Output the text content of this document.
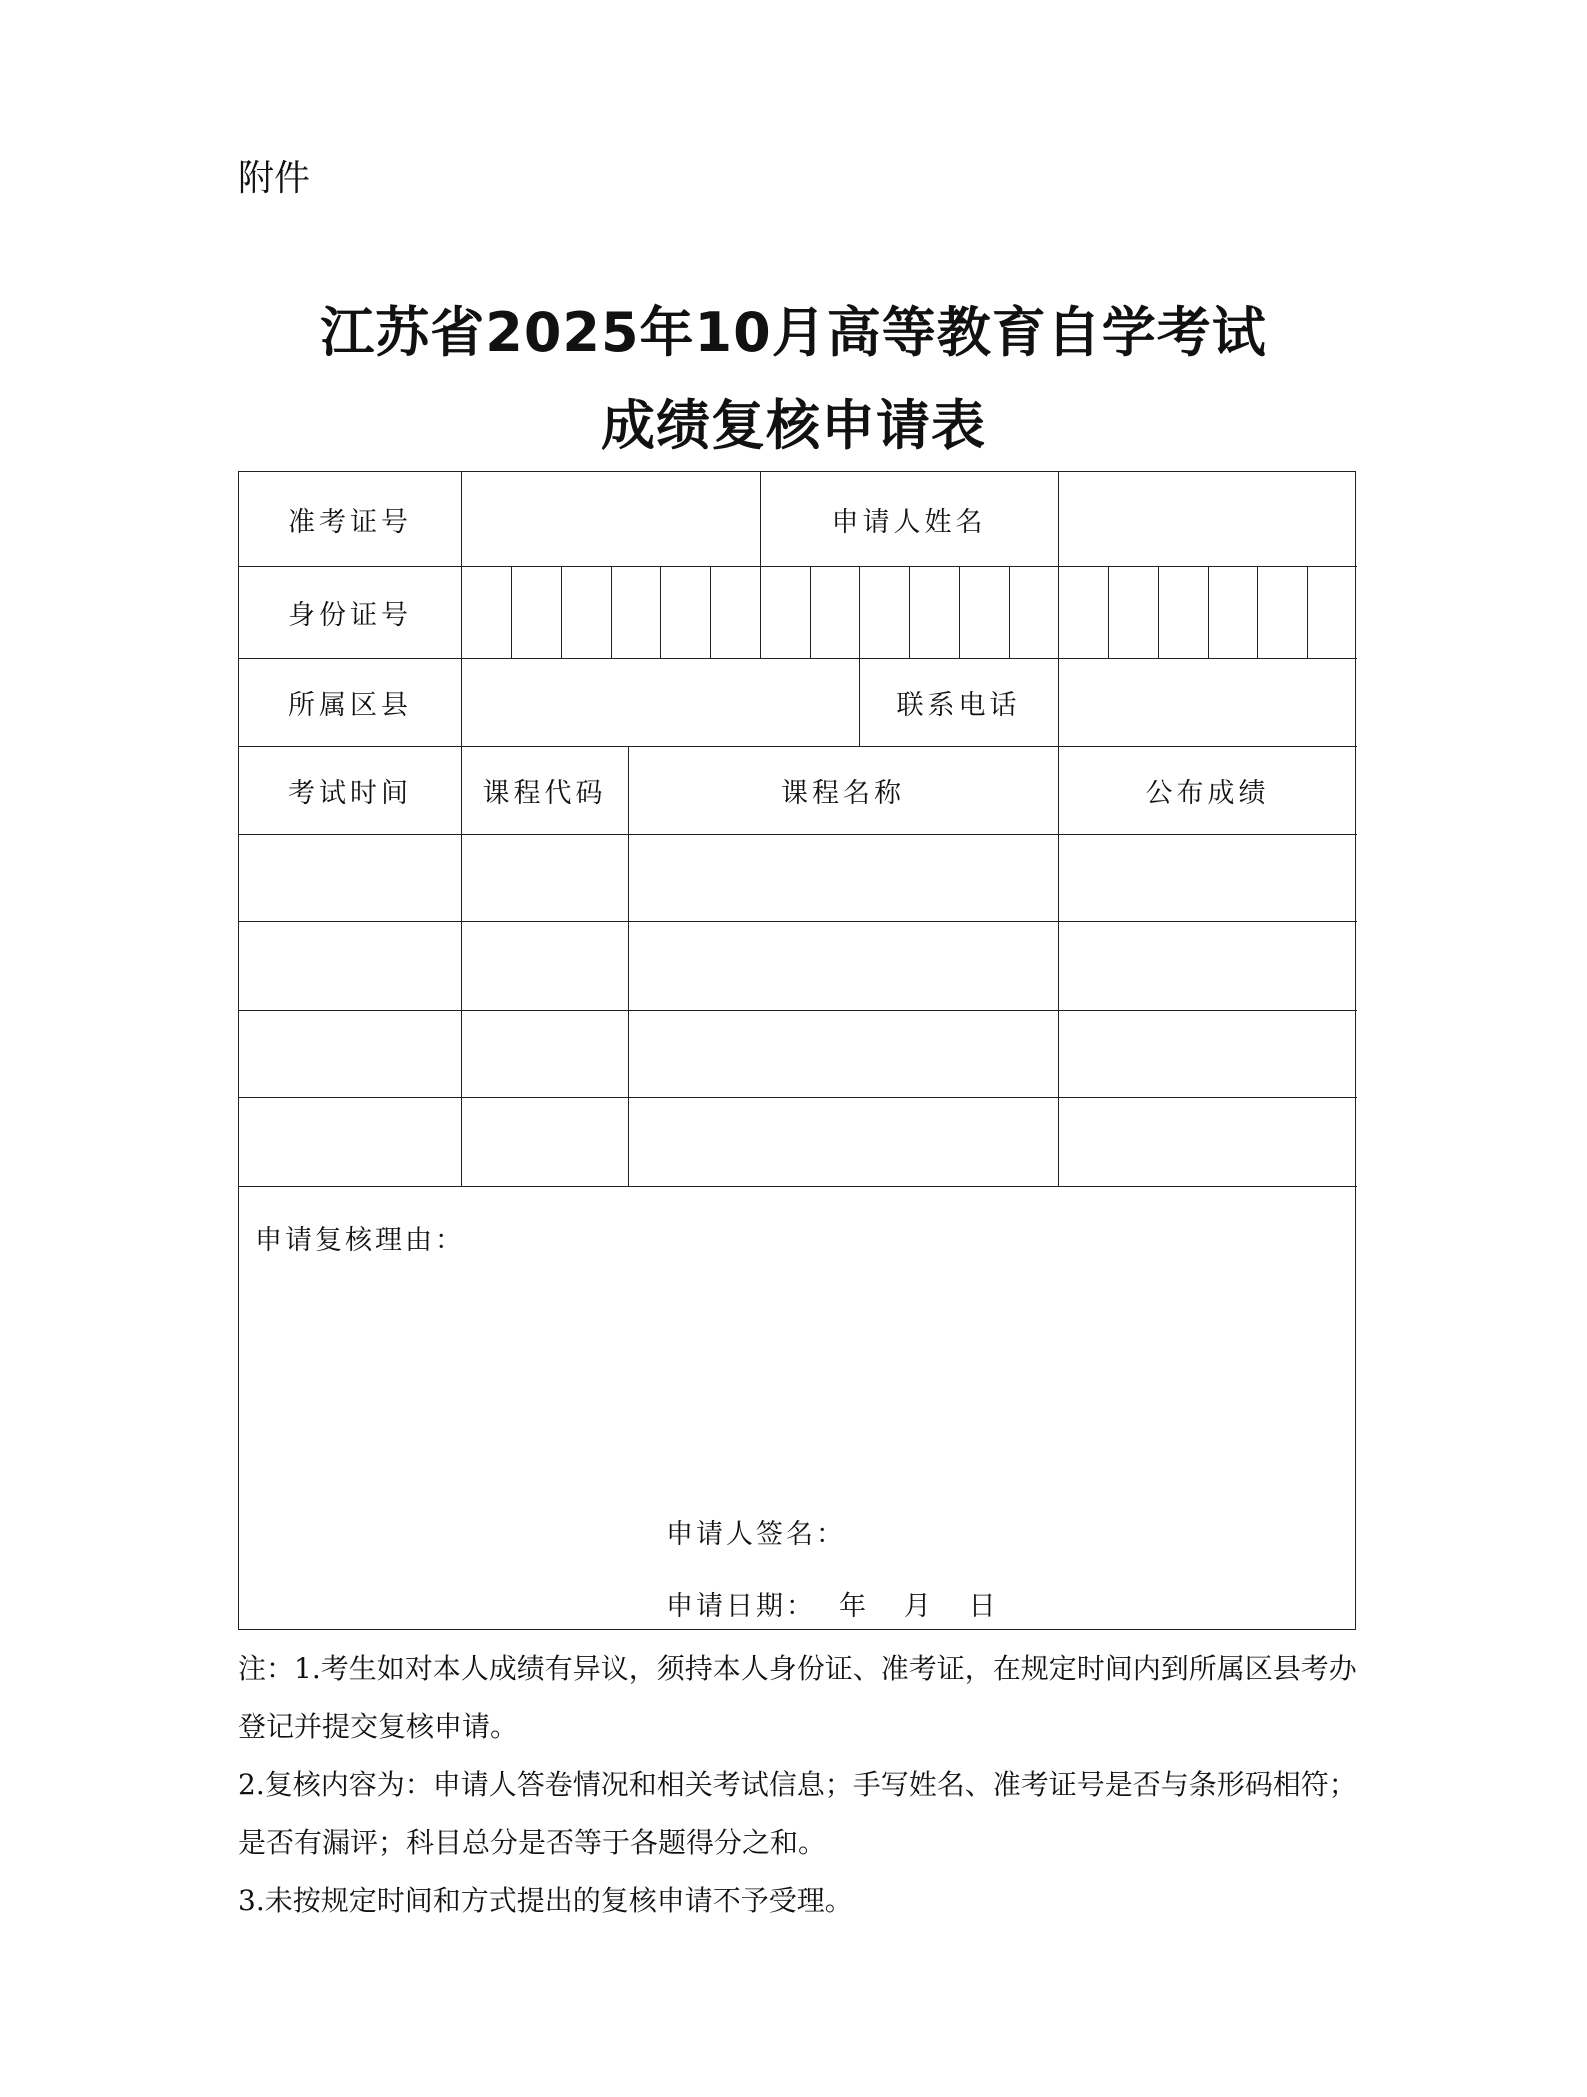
附件
江苏省2025年10月高等教育自学考试
成绩复核申请表
准考证号	申请人姓名
身份证号
所属区县	联系电话
考试时间	课程代码	课程名称	公布成绩
申请复核理由：
申请人签名：
申请日期： 年 月 日

注：1.考生如对本人成绩有异议，须持本人身份证、准考证，在规定时间内到所属区县考办登记并提交复核申请。

2.复核内容为：申请人答卷情况和相关考试信息；手写姓名、准考证号是否与条形码相符；是否有漏评；科目总分是否等于各题得分之和。

3.未按规定时间和方式提出的复核申请不予受理。
